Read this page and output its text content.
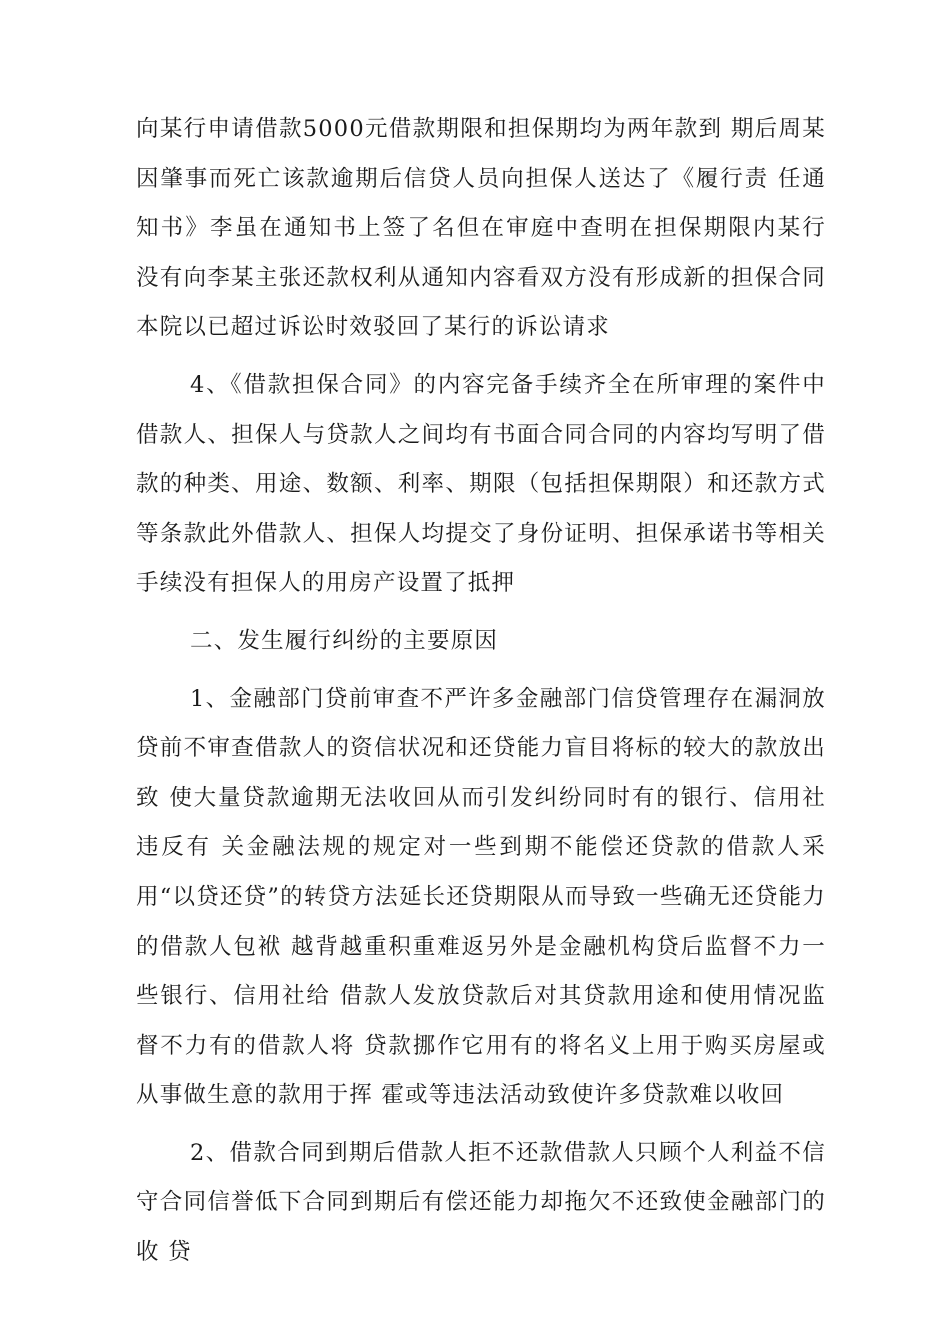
向某行申请借款5000元借款期限和担保期均为两年款到 期后周某因肇事而死亡该款逾期后信贷人员向担保人送达了《履行责 任通知书》李虽在通知书上签了名但在审庭中查明在担保期限内某行 没有向李某主张还款权利从通知内容看双方没有形成新的担保合同 本院以已超过诉讼时效驳回了某行的诉讼请求

4、《借款担保合同》的内容完备手续齐全在所审理的案件中借款人、担保人与贷款人之间均有书面合同合同的内容均写明了借款的种类、用途、数额、利率、期限（包括担保期限）和还款方式等条款此外借款人、担保人均提交了身份证明、担保承诺书等相关手续没有担保人的用房产设置了抵押

二、发生履行纠纷的主要原因

1、金融部门贷前审查不严许多金融部门信贷管理存在漏洞放贷前不审查借款人的资信状况和还贷能力盲目将标的较大的款放出致 使大量贷款逾期无法收回从而引发纠纷同时有的银行、信用社违反有 关金融法规的规定对一些到期不能偿还贷款的借款人采用“以贷还贷”的转贷方法延长还贷期限从而导致一些确无还贷能力的借款人包袱 越背越重积重难返另外是金融机构贷后监督不力一些银行、信用社给 借款人发放贷款后对其贷款用途和使用情况监督不力有的借款人将 贷款挪作它用有的将名义上用于购买房屋或从事做生意的款用于挥 霍或等违法活动致使许多贷款难以收回

2、借款合同到期后借款人拒不还款借款人只顾个人利益不信守合同信誉低下合同到期后有偿还能力却拖欠不还致使金融部门的收 贷
